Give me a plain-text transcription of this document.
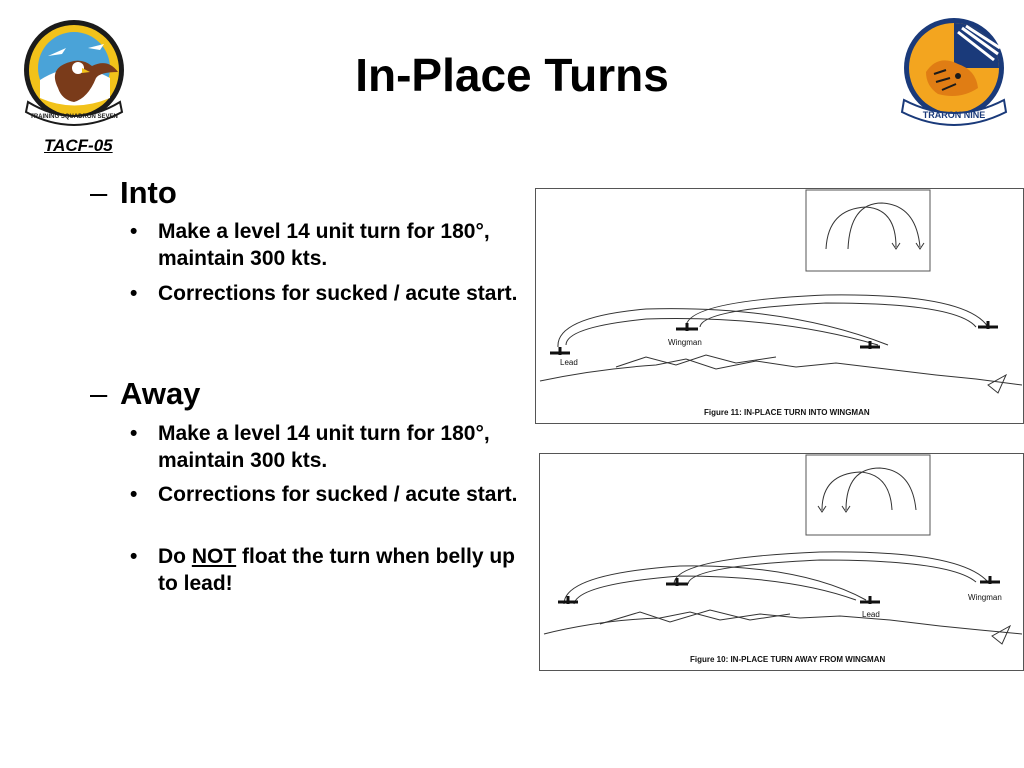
TRAINING SQUADRON SEVEN	TRARON NINE
In-Place Turns
TACF-05
– Into
• Make a level 14 unit turn for 180°, maintain 300 kts.
• Corrections for sucked / acute start.
– Away
• Make a level 14 unit turn for 180°, maintain 300 kts.
• Corrections for sucked / acute start.
• Do NOT float the turn when belly up to lead!
Lead
Wingman
Figure 11: IN-PLACE TURN INTO WINGMAN
Lead
Wingman
Figure 10: IN-PLACE TURN AWAY FROM WINGMAN
